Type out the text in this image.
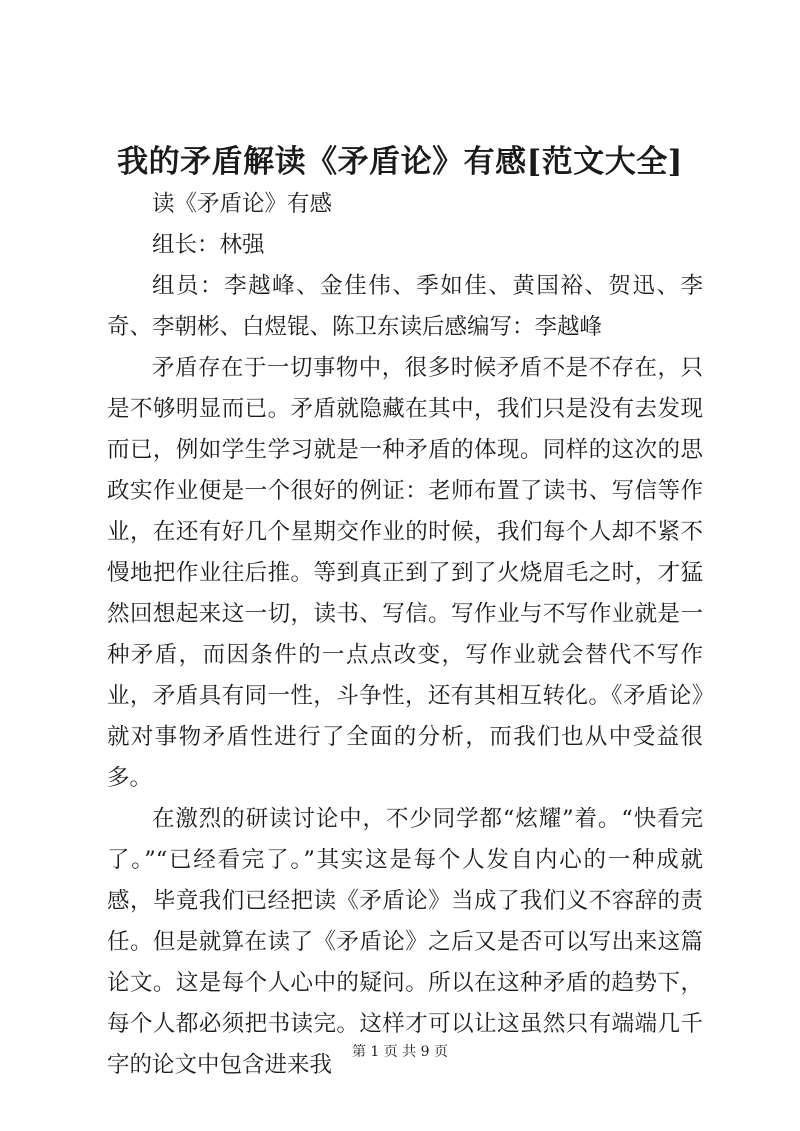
我的矛盾解读《矛盾论》有感[范文大全]

读《矛盾论》有感

组长：林强

组员：李越峰、金佳伟、季如佳、黄国裕、贺迅、李奇、李朝彬、白煜锟、陈卫东读后感编写：李越峰

矛盾存在于一切事物中，很多时候矛盾不是不存在，只是不够明显而已。矛盾就隐藏在其中，我们只是没有去发现而已，例如学生学习就是一种矛盾的体现。同样的这次的思政实作业便是一个很好的例证：老师布置了读书、写信等作业，在还有好几个星期交作业的时候，我们每个人却不紧不慢地把作业往后推。等到真正到了到了火烧眉毛之时，才猛然回想起来这一切，读书、写信。写作业与不写作业就是一种矛盾，而因条件的一点点改变，写作业就会替代不写作业，矛盾具有同一性，斗争性，还有其相互转化。《矛盾论》就对事物矛盾性进行了全面的分析，而我们也从中受益很多。

在激烈的研读讨论中，不少同学都“炫耀”着。“快看完了。”“已经看完了。”其实这是每个人发自内心的一种成就感，毕竟我们已经把读《矛盾论》当成了我们义不容辞的责任。但是就算在读了《矛盾论》之后又是否可以写出来这篇论文。这是每个人心中的疑问。所以在这种矛盾的趋势下，每个人都必须把书读完。这样才可以让这虽然只有端端几千字的论文中包含进来我	第 1 页 共 9 页
